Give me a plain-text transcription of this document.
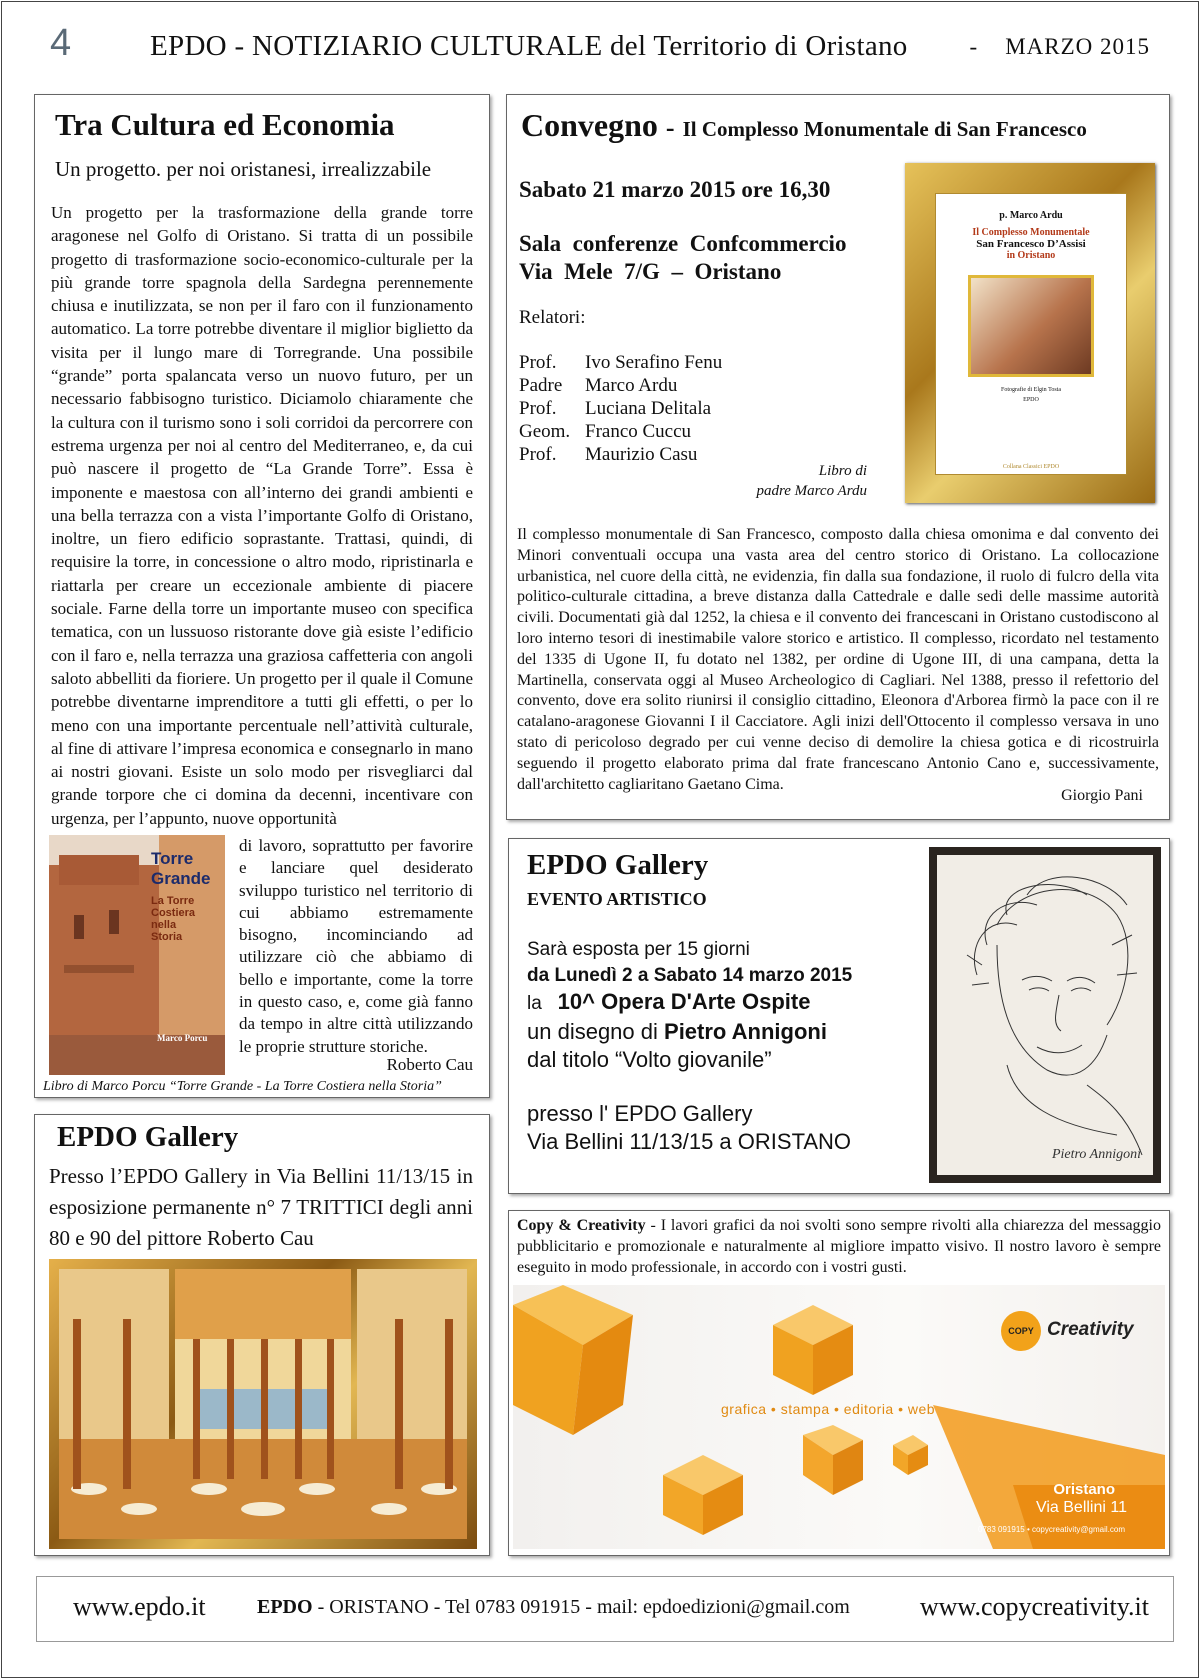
4	EPDO - NOTIZIARIO CULTURALE del Territorio di Oristano	- MARZO 2015
Tra Cultura ed Economia
Un progetto. per noi oristanesi, irrealizzabile

Un progetto per la trasformazione della grande torre aragonese nel Golfo di Oristano. Si tratta di un possibile progetto di trasformazione socio-economico-culturale per la più grande torre spagnola della Sardegna perennemente chiusa e inutilizzata, se non per il faro con il funzionamento automatico. La torre potrebbe diventare il miglior biglietto da visita per il lungo mare di Torregrande. Una possibile “grande” porta spalancata verso un nuovo futuro, per un necessario fabbisogno turistico. Diciamolo chiaramente che la cultura con il turismo sono i soli corridoi da percorrere con estrema urgenza per noi al centro del Mediterraneo, e, da cui può nascere il progetto de “La Grande Torre”. Essa è imponente e maestosa con all’interno dei grandi ambienti e una bella terrazza con a vista l’importante Golfo di Oristano, inoltre, un fiero edificio soprastante. Trattasi, quindi, di requisire la torre, in concessione o altro modo, ripristinarla e riattarla per creare un eccezionale ambiente di piacere sociale. Farne della torre un importante museo con specifica tematica, con un lussuoso ristorante dove già esiste l’edificio con il faro e, nella terrazza una graziosa caffetteria con angoli saloto abbelliti da fioriere. Un progetto per il quale il Comune potrebbe diventarne imprenditore a tutti gli effetti, o per lo meno con una importante percentuale nell’attività culturale, al fine di attivare l’impresa economica e consegnarlo in mano ai nostri giovani. Esiste un solo modo per risvegliarci dal grande torpore che ci domina da decenni, incentivare con urgenza, per l’appunto, nuove opportunità

Torre
Grande
La Torre
Costiera
nella
Storia
Marco Porcu

di lavoro, soprattutto per favorire e lanciare quel desiderato sviluppo turistico nel territorio di cui abbiamo estremamente bisogno, incominciando ad utilizzare ciò che abbiamo di bello e importante, come la torre in questo caso, e, come già fanno da tempo in altre città utilizzando le proprie strutture storiche.

Roberto Cau
Libro di Marco Porcu “Torre Grande - La Torre Costiera nella Storia”
Convegno - Il Complesso Monumentale di San Francesco
Sabato 21 marzo 2015 ore 16,30
Sala  conferenze  Confcommercio
Via  Mele  7/G  –  Oristano
Relatori:
Prof. Ivo Serafino Fenu
Padre Marco Ardu
Prof. Luciana Delitala
Geom. Franco Cuccu
Prof. Maurizio Casu
Libro di
padre Marco Ardu
p. Marco Ardu
Il Complesso Monumentale
San Francesco D’Assisi
in Oristano
Fotografie di Elgin Tosta
EPDO
Collana Classici EPDO

Il complesso monumentale di San Francesco, composto dalla chiesa omonima e dal convento dei Minori conventuali occupa una vasta area del centro storico di Oristano. La collocazione urbanistica, nel cuore della città, ne evidenzia, fin dalla sua fondazione, il ruolo di fulcro della vita politico-culturale cittadina, a breve distanza dalla Cattedrale e dalle sedi delle massime autorità civili. Documentati già dal 1252, la chiesa e il convento dei francescani in Oristano custodiscono al loro interno tesori di inestimabile valore storico e artistico. Il complesso, ricordato nel testamento del 1335 di Ugone II, fu dotato nel 1382, per ordine di Ugone III, di una campana, detta la Martinella, conservata oggi al Museo Archeologico di Cagliari. Nel 1388, presso il refettorio del convento, dove era solito riunirsi il consiglio cittadino, Eleonora d'Arborea firmò la pace con il re catalano-aragonese Giovanni I il Cacciatore. Agli inizi dell'Ottocento il complesso versava in uno stato di pericoloso degrado per cui venne deciso di demolire la chiesa gotica e di ricostruirla seguendo il progetto elaborato prima dal frate francescano Antonio Cano e, successivamente, dall'architetto cagliaritano Gaetano Cima.

Giorgio Pani
EPDO Gallery
EVENTO ARTISTICO
Sarà esposta per 15 giorni
da Lunedì 2 a Sabato 14 marzo 2015
la 10^ Opera D'Arte Ospite
un disegno di Pietro Annigoni
dal titolo “Volto giovanile”
presso l' EPDO Gallery
Via Bellini 11/13/15 a ORISTANO
Pietro Annigoni
EPDO Gallery

Presso l’EPDO Gallery in Via Bellini 11/13/15 in esposizione permanente n° 7 TRITTICI degli anni 80 e 90 del pittore Roberto Cau

Copy & Creativity - I lavori grafici da noi svolti sono sempre rivolti alla chiarezza del messaggio pubblicitario e promozionale e naturalmente al migliore impatto visivo. Il nostro lavoro è sempre eseguito in modo professionale, in accordo con i vostri gusti.

COPY Creativity
grafica • stampa • editoria • web
Oristano
Via Bellini 11
0783 091915 • copycreativity@gmail.com
www.epdo.it	EPDO - ORISTANO - Tel 0783 091915 - mail: epdoedizioni@gmail.com	www.copycreativity.it
